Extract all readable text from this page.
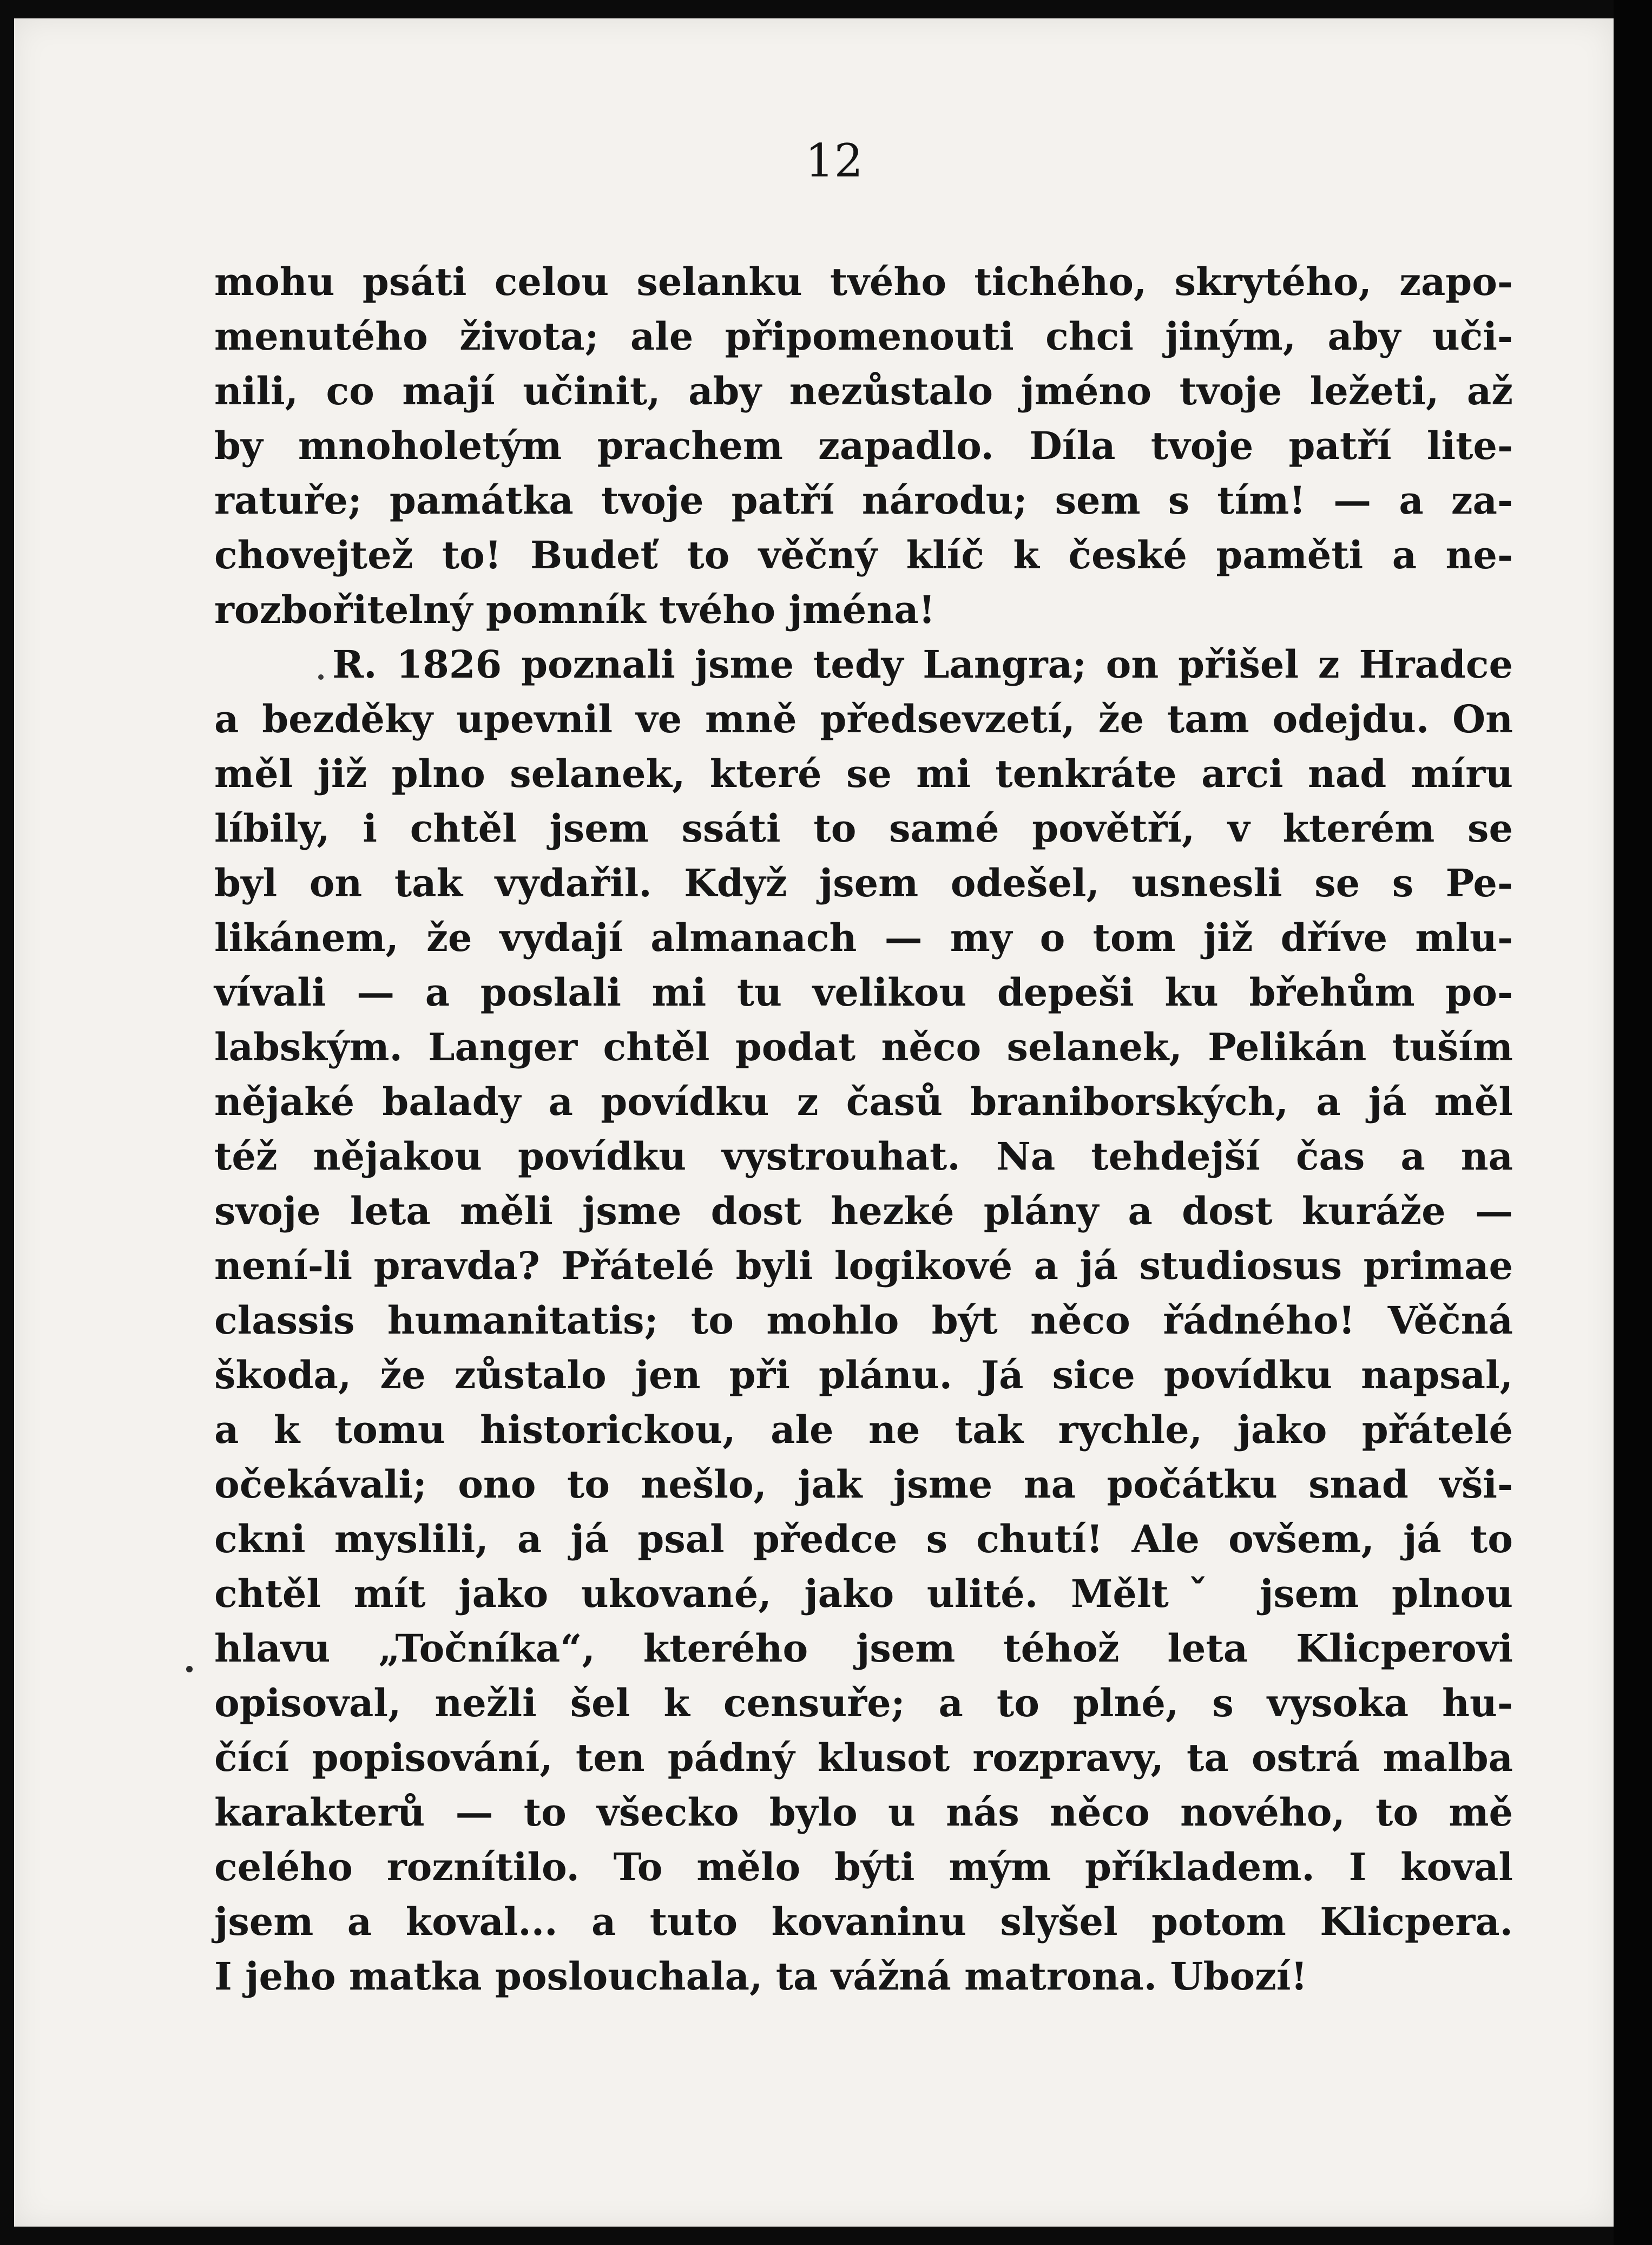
12
mohu psáti celou selanku tvého tichého, skrytého, zapo-
menutého života; ale připomenouti chci jiným, aby uči-
nili, co mají učinit, aby nezůstalo jméno tvoje ležeti, až
by mnoholetým prachem zapadlo. Díla tvoje patří lite-
ratuře; památka tvoje patří národu; sem s tím! — a za-
chovejtež to! Budeť to věčný klíč k české paměti a ne-
rozbořitelný pomník tvého jména!
R. 1826 poznali jsme tedy Langra; on přišel z Hradce
a bezděky upevnil ve mně předsevzetí, že tam odejdu. On
měl již plno selanek, které se mi tenkráte arci nad míru
líbily, i chtěl jsem ssáti to samé povětří, v kterém se
byl on tak vydařil. Když jsem odešel, usnesli se s Pe-
likánem, že vydají almanach — my o tom již dříve mlu-
vívali — a poslali mi tu velikou depeši ku břehům po-
labským. Langer chtěl podat něco selanek, Pelikán tuším
nějaké balady a povídku z časů braniborských, a já měl
též nějakou povídku vystrouhat. Na tehdejší čas a na
svoje leta měli jsme dost hezké plány a dost kuráže —
není-li pravda? Přátelé byli logikové a já studiosus primae
classis humanitatis; to mohlo být něco řádného! Věčná
škoda, že zůstalo jen při plánu. Já sice povídku napsal,
a k tomu historickou, ale ne tak rychle, jako přátelé
očekávali; ono to nešlo, jak jsme na počátku snad vši-
ckni myslili, a já psal předce s chutí! Ale ovšem, já to
chtěl mít jako ukované, jako ulité. Měltˇ jsem plnou
hlavu „Točníka“, kterého jsem téhož leta Klicperovi
opisoval, nežli šel k censuře; a to plné, s vysoka hu-
čící popisování, ten pádný klusot rozpravy, ta ostrá malba
karakterů — to všecko bylo u nás něco nového, to mě
celého roznítilo. To mělo býti mým příkladem. I koval
jsem a koval... a tuto kovaninu slyšel potom Klicpera.
I jeho matka poslouchala, ta vážná matrona. Ubozí!
